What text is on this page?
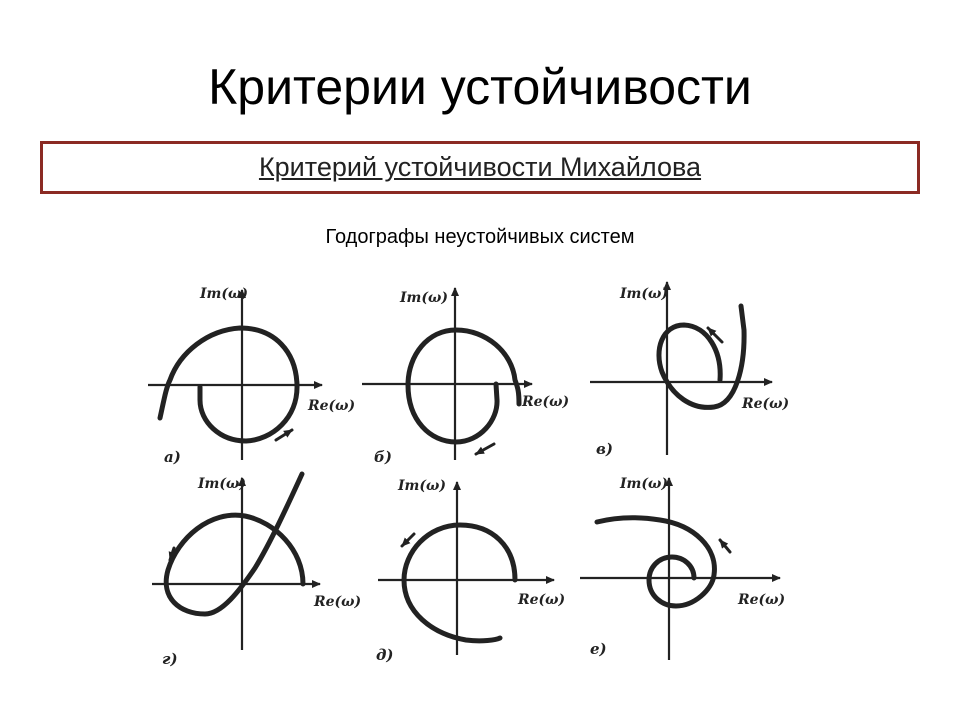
Критерии устойчивости
Критерий устойчивости Михайлова
Годографы неустойчивых систем
Im(ω)
Re(ω)
а)
Im(ω)
Re(ω)
б)
Im(ω)
Re(ω)
в)
Im(ω)
Re(ω)
г)
Im(ω)
Re(ω)
д)
Im(ω)
Re(ω)
е)
